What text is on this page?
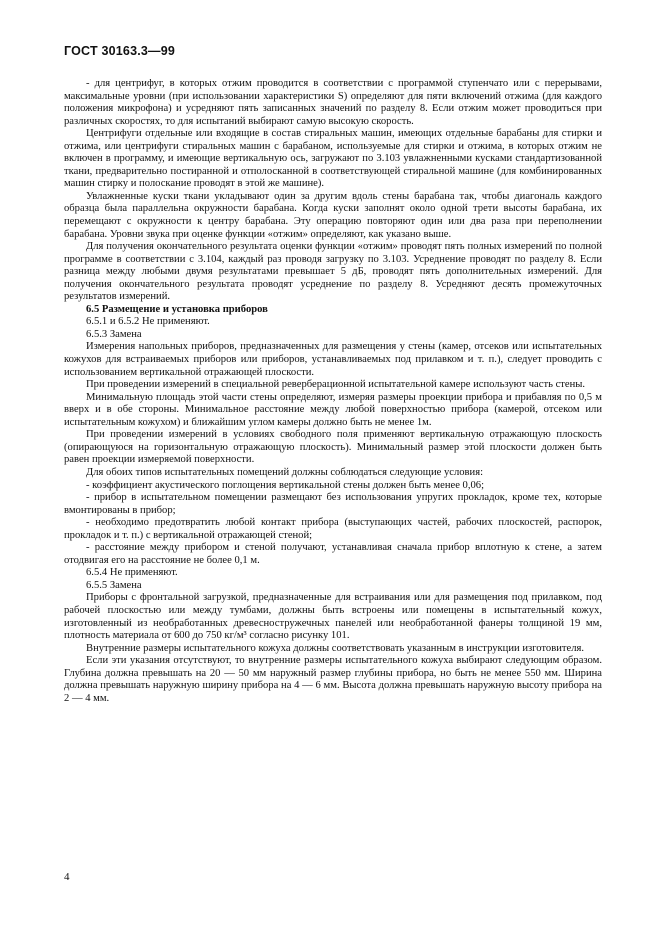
ГОСТ 30163.3—99

- для центрифуг, в которых отжим проводится в соответствии с программой ступенчато или с перерывами, максимальные уровни (при использовании характеристики S) определяют для пяти включений отжима (для каждого положения микрофона) и усредняют пять записанных значений по разделу 8. Если отжим может проводиться при различных скоростях, то для испытаний выбирают самую высокую скорость.

Центрифуги отдельные или входящие в состав стиральных машин, имеющих отдельные барабаны для стирки и отжима, или центрифуги стиральных машин с барабаном, используемые для стирки и отжима, в которых отжим не включен в программу, и имеющие вертикальную ось, загружают по 3.103 увлажненными кусками стандартизованной ткани, предварительно постиранной и отполосканной в соответствующей стиральной машине (для комбинированных машин стирку и полоскание проводят в этой же машине).

Увлажненные куски ткани укладывают один за другим вдоль стены барабана так, чтобы диагональ каждого образца была параллельна окружности барабана. Когда куски заполнят около одной трети высоты барабана, их перемещают с окружности к центру барабана. Эту операцию повторяют один или два раза при переполнении барабана. Уровни звука при оценке функции «отжим» определяют, как указано выше.

Для получения окончательного результата оценки функции «отжим» проводят пять полных измерений по полной программе в соответствии с 3.104, каждый раз проводя загрузку по 3.103. Усреднение проводят по разделу 8. Если разница между любыми двумя результатами превышает 5 дБ, проводят пять дополнительных измерений. Для получения окончательного результата проводят усреднение по разделу 8. Усредняют десять промежуточных результатов измерений.

6.5 Размещение и установка приборов

6.5.1 и 6.5.2 Не применяют.

6.5.3 Замена

Измерения напольных приборов, предназначенных для размещения у стены (камер, отсеков или испытательных кожухов для встраиваемых приборов или приборов, устанавливаемых под прилавком и т. п.), следует проводить с использованием вертикальной отражающей плоскости.

При проведении измерений в специальной реверберационной испытательной камере используют часть стены.

Минимальную площадь этой части стены определяют, измеряя размеры проекции прибора и прибавляя по 0,5 м вверх и в обе стороны. Минимальное расстояние между любой поверхностью прибора (камерой, отсеком или испытательным кожухом) и ближайшим углом камеры должно быть не менее 1м.

При проведении измерений в условиях свободного поля применяют вертикальную отражающую плоскость (опирающуюся на горизонтальную отражающую плоскость). Минимальный размер этой плоскости должен быть равен проекции измеряемой поверхности.

Для обоих типов испытательных помещений должны соблюдаться следующие условия:

- коэффициент акустического поглощения вертикальной стены должен быть менее 0,06;

- прибор в испытательном помещении размещают без использования упругих прокладок, кроме тех, которые вмонтированы в прибор;

- необходимо предотвратить любой контакт прибора (выступающих частей, рабочих плоскостей, распорок, прокладок и т. п.) с вертикальной отражающей стеной;

- расстояние между прибором и стеной получают, устанавливая сначала прибор вплотную к стене, а затем отодвигая его на расстояние не более 0,1 м.

6.5.4 Не применяют.

6.5.5 Замена

Приборы с фронтальной загрузкой, предназначенные для встраивания или для размещения под прилавком, под рабочей плоскостью или между тумбами, должны быть встроены или помещены в испытательный кожух, изготовленный из необработанных древесностружечных панелей или необработанной фанеры толщиной 19 мм, плотность материала от 600 до 750 кг/м³ согласно рисунку 101.

Внутренние размеры испытательного кожуха должны соответствовать указанным в инструкции изготовителя.

Если эти указания отсутствуют, то внутренние размеры испытательного кожуха выбирают следующим образом. Глубина должна превышать на 20 — 50 мм наружный размер глубины прибора, но быть не менее 550 мм. Ширина должна превышать наружную ширину прибора на 4 — 6 мм. Высота должна превышать наружную высоту прибора на 2 — 4 мм.

4
